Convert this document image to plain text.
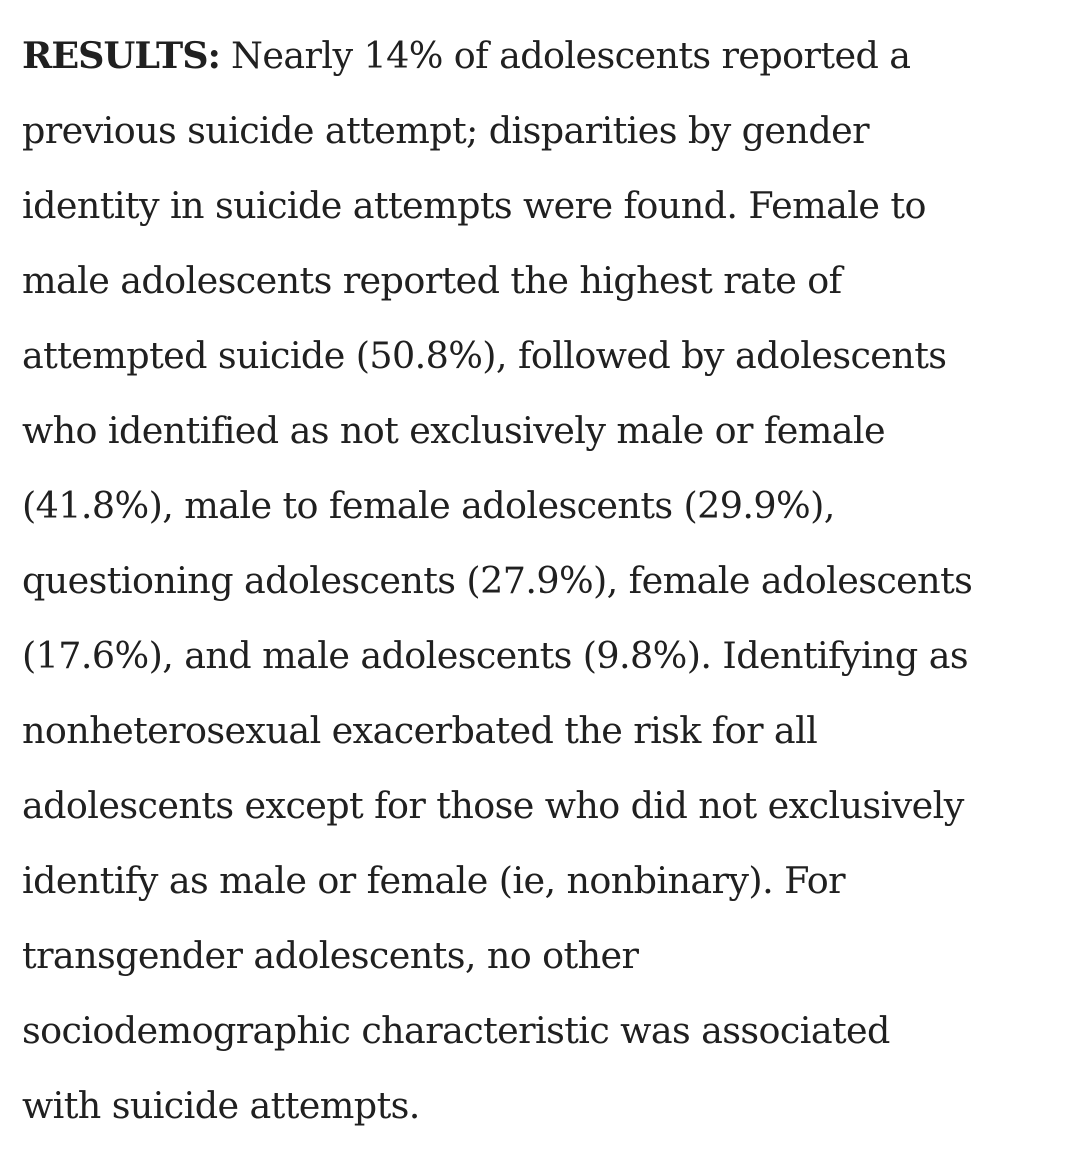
RESULTS: Nearly 14% of adolescents reported a
previous suicide attempt; disparities by gender
identity in suicide attempts were found. Female to
male adolescents reported the highest rate of
attempted suicide (50.8%), followed by adolescents
who identified as not exclusively male or female
(41.8%), male to female adolescents (29.9%),
questioning adolescents (27.9%), female adolescents
(17.6%), and male adolescents (9.8%). Identifying as
nonheterosexual exacerbated the risk for all
adolescents except for those who did not exclusively
identify as male or female (ie, nonbinary). For
transgender adolescents, no other
sociodemographic characteristic was associated
with suicide attempts.
